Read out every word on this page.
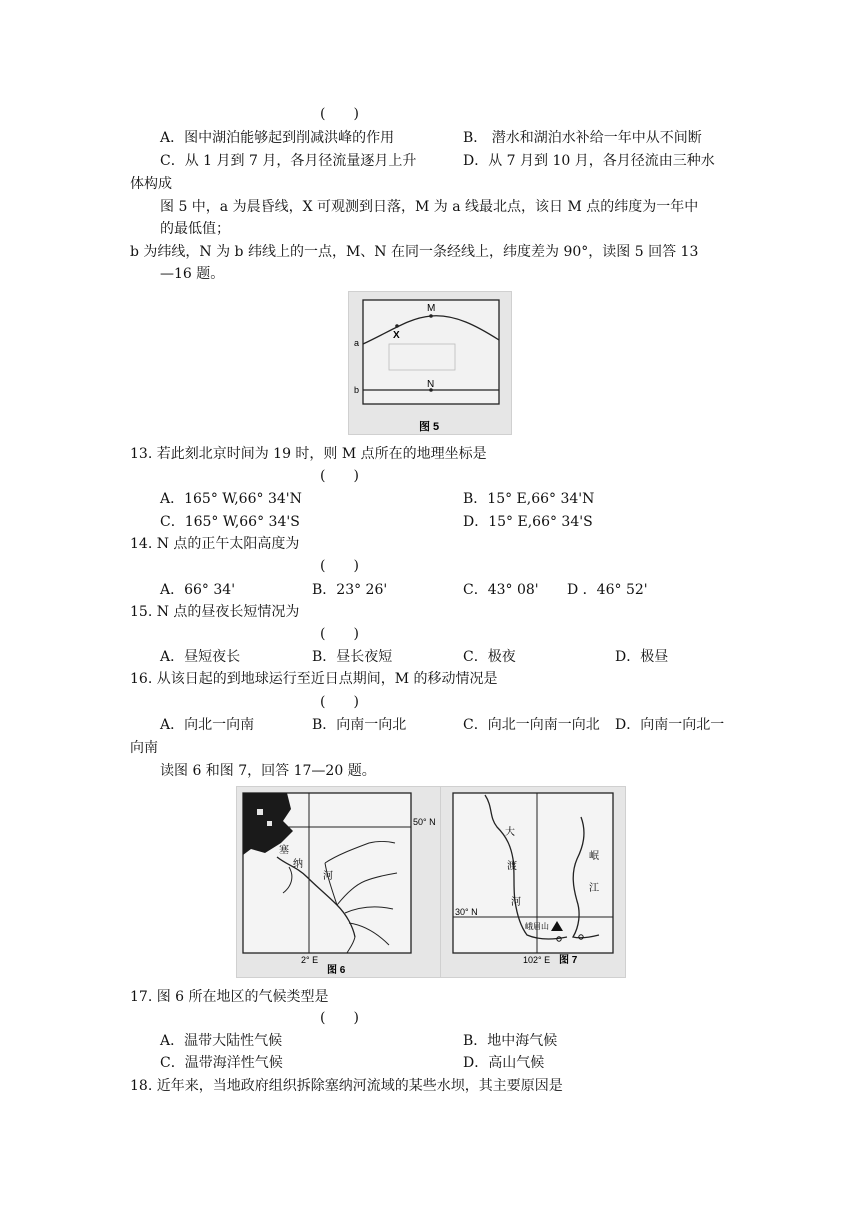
(　　)
A．图中湖泊能够起到削减洪峰的作用	B． 潜水和湖泊水补给一年中从不间断
C．从 1 月到 7 月，各月径流量逐月上升	D．从 7 月到 10 月，各月径流由三种水
体构成
图 5 中，a 为晨昏线，X 可观测到日落，M 为 a 线最北点，该日 M 点的纬度为一年中
的最低值；
b 为纬线，N 为 b 纬线上的一点，M、N 在同一条经线上，纬度差为 90°，读图 5 回答 13
—16 题。
M
X
N
a
b
图 5
13. 若此刻北京时间为 19 时，则 M 点所在的地理坐标是
(　　)
A．165° W,66° 34'N	B．15° E,66° 34'N
C．165° W,66° 34'S	D．15° E,66° 34'S
14. N 点的正午太阳高度为
(　　)
A．66° 34'	B．23° 26'	C．43° 08' D ．46° 52'
15. N 点的昼夜长短情况为
(　　)
A．昼短夜长	B．昼长夜短	C．极夜	D．极昼
16. 从该日起的到地球运行至近日点期间，M 的移动情况是
(　　)
A．向北一向南	B．向南一向北	C．向北一向南一向北 D．向南一向北一
向南
读图 6 和图 7，回答 17—20 题。
50° N
2° E
塞
纳
河
图 6
大
渡
河
岷
江
峨眉山
30° N
102° E 图 7
17. 图 6 所在地区的气候类型是
(　　)
A．温带大陆性气候	B．地中海气候
C．温带海洋性气候	D．高山气候
18. 近年来，当地政府组织拆除塞纳河流域的某些水坝，其主要原因是
